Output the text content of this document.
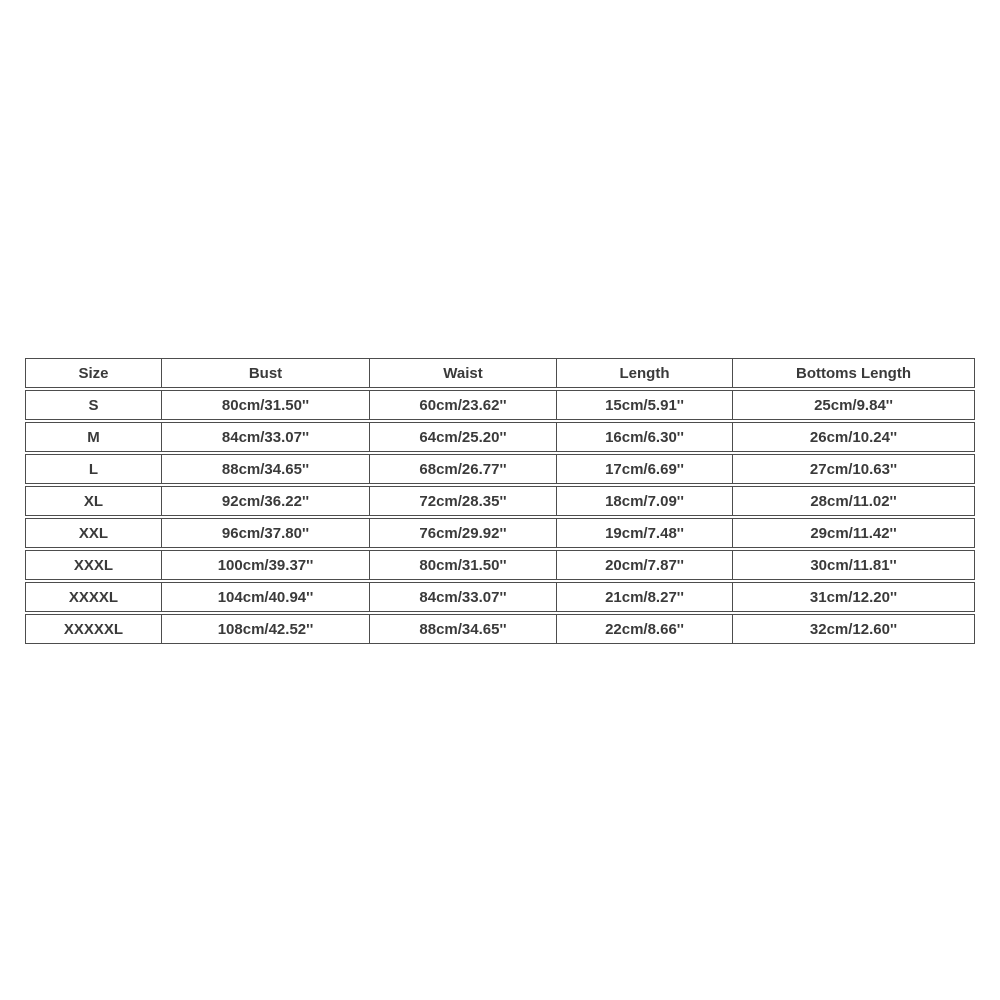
Size	Bust	Waist	Length	Bottoms Length
S	80cm/31.50''	60cm/23.62''	15cm/5.91''	25cm/9.84''
M	84cm/33.07''	64cm/25.20''	16cm/6.30''	26cm/10.24''
L	88cm/34.65''	68cm/26.77''	17cm/6.69''	27cm/10.63''
XL	92cm/36.22''	72cm/28.35''	18cm/7.09''	28cm/11.02''
XXL	96cm/37.80''	76cm/29.92''	19cm/7.48''	29cm/11.42''
XXXL	100cm/39.37''	80cm/31.50''	20cm/7.87''	30cm/11.81''
XXXXL	104cm/40.94''	84cm/33.07''	21cm/8.27''	31cm/12.20''
XXXXXL	108cm/42.52''	88cm/34.65''	22cm/8.66''	32cm/12.60''
